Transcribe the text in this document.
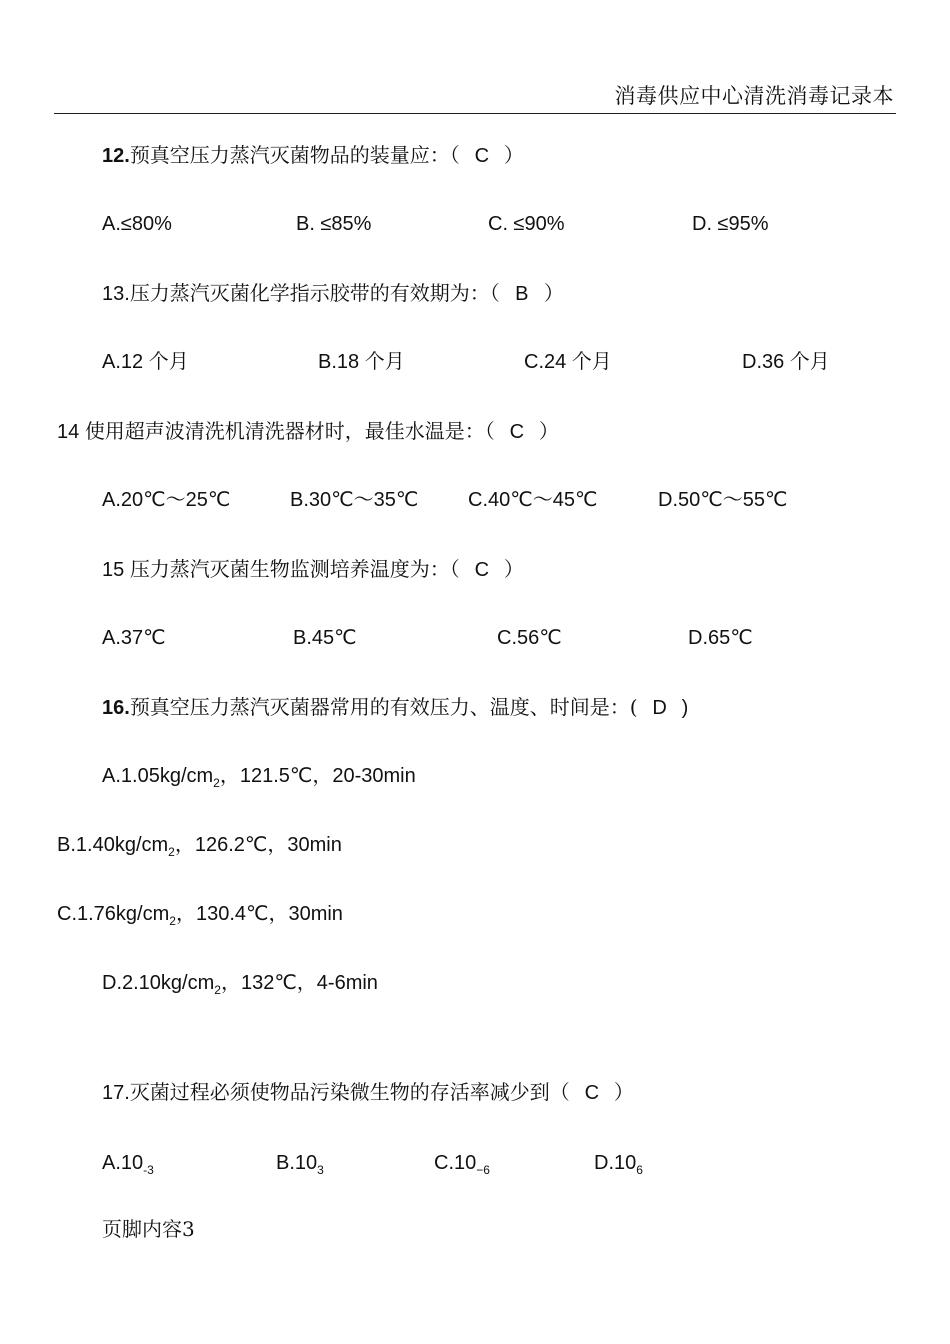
消毒供应中心清洗消毒记录本
12.预真空压力蒸汽灭菌物品的装量应：（ C ）
A.≤80%	B. ≤85%	C. ≤90%	D. ≤95%
13.压力蒸汽灭菌化学指示胶带的有效期为：（ B ）
A.12 个月	B.18 个月	C.24 个月	D.36 个月
14 使用超声波清洗机清洗器材时，最佳水温是：（ C ）
A.20℃～25℃	B.30℃～35℃ C.40℃～45℃	D.50℃～55℃
15 压力蒸汽灭菌生物监测培养温度为：（ C ）
A.37℃	B.45℃	C.56℃	D.65℃
16.预真空压力蒸汽灭菌器常用的有效压力、温度、时间是：( D )
$A.1.05kg/cm_2$，121.5℃，20-30min
$B.1.40kg/cm_2$，126.2℃，30min
$C.1.76kg/cm_2$，130.4℃，30min
$D.2.10kg/cm_2$，132℃，4-6min
17.灭菌过程必须使物品污染微生物的存活率减少到（ C ）
$A.10_{-3}$	$B.10_3$	$C.10_{-6}$	$D.10_6$
页脚内容3
